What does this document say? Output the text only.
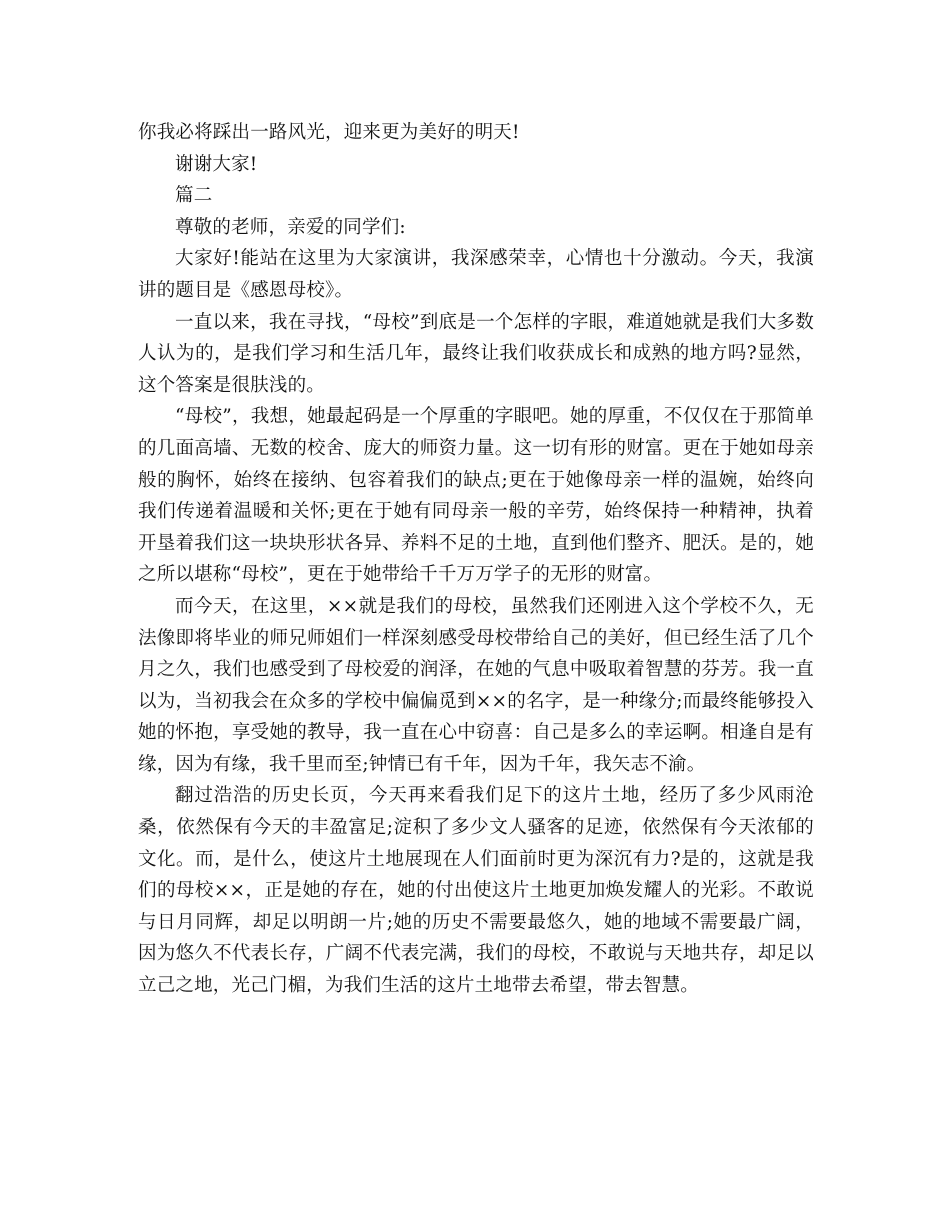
你我必将踩出一路风光，迎来更为美好的明天!

谢谢大家!

篇二

尊敬的老师，亲爱的同学们:

大家好!能站在这里为大家演讲，我深感荣幸，心情也十分激动。今天，我演讲的题目是《感恩母校》。

一直以来，我在寻找，“母校”到底是一个怎样的字眼，难道她就是我们大多数人认为的，是我们学习和生活几年，最终让我们收获成长和成熟的地方吗?显然，这个答案是很肤浅的。

“母校”，我想，她最起码是一个厚重的字眼吧。她的厚重，不仅仅在于那简单的几面高墙、无数的校舍、庞大的师资力量。这一切有形的财富。更在于她如母亲般的胸怀，始终在接纳、包容着我们的缺点;更在于她像母亲一样的温婉，始终向我们传递着温暖和关怀;更在于她有同母亲一般的辛劳，始终保持一种精神，执着开垦着我们这一块块形状各异、养料不足的土地，直到他们整齐、肥沃。是的，她之所以堪称“母校”，更在于她带给千千万万学子的无形的财富。

而今天，在这里，××就是我们的母校，虽然我们还刚进入这个学校不久，无法像即将毕业的师兄师姐们一样深刻感受母校带给自己的美好，但已经生活了几个月之久，我们也感受到了母校爱的润泽，在她的气息中吸取着智慧的芬芳。我一直以为，当初我会在众多的学校中偏偏觅到××的名字，是一种缘分;而最终能够投入她的怀抱，享受她的教导，我一直在心中窃喜：自己是多么的幸运啊。相逢自是有缘，因为有缘，我千里而至;钟情已有千年，因为千年，我矢志不渝。

翻过浩浩的历史长页，今天再来看我们足下的这片土地，经历了多少风雨沧桑，依然保有今天的丰盈富足;淀积了多少文人骚客的足迹，依然保有今天浓郁的文化。而，是什么，使这片土地展现在人们面前时更为深沉有力?是的，这就是我们的母校××，正是她的存在，她的付出使这片土地更加焕发耀人的光彩。不敢说与日月同辉，却足以明朗一片;她的历史不需要最悠久，她的地域不需要最广阔，因为悠久不代表长存，广阔不代表完满，我们的母校，不敢说与天地共存，却足以立己之地，光己门楣，为我们生活的这片土地带去希望，带去智慧。
